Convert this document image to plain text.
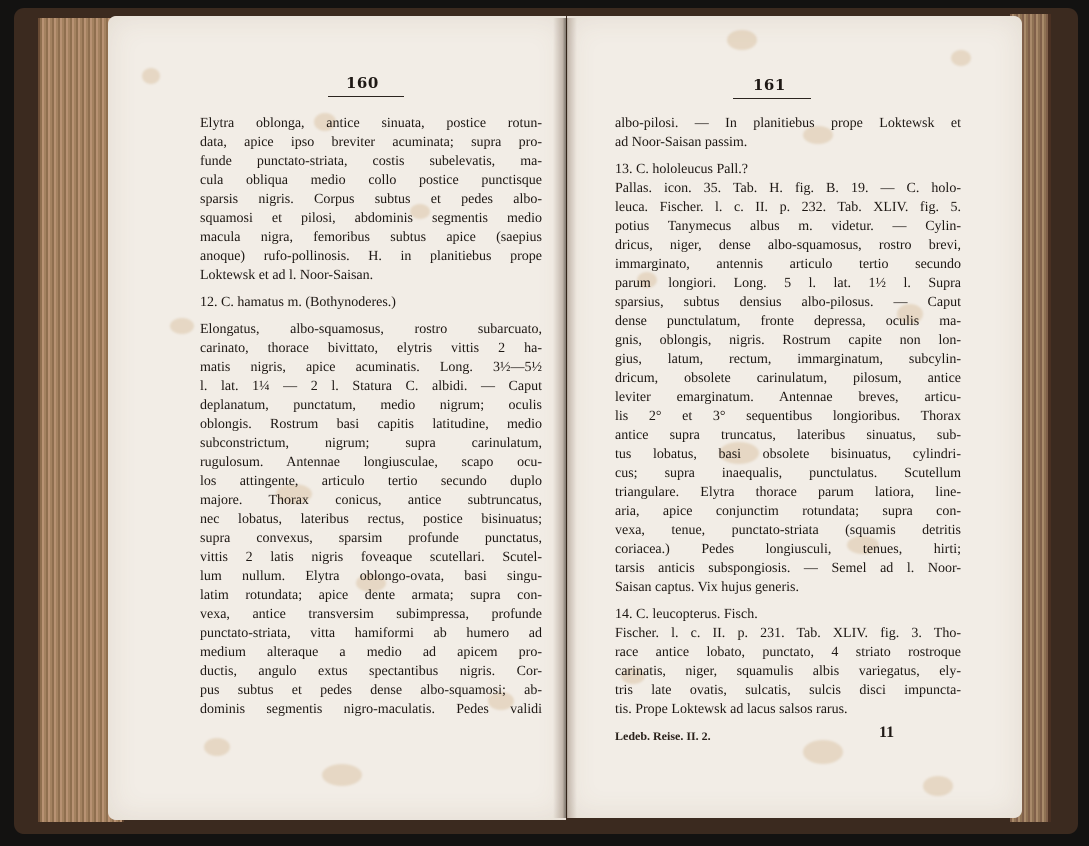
160
Elytra oblonga, antice sinuata, postice rotun-
data, apice ipso breviter acuminata; supra pro-
funde punctato-striata, costis subelevatis, ma-
cula obliqua medio collo postice punctisque
sparsis nigris. Corpus subtus et pedes albo-
squamosi et pilosi, abdominis segmentis medio
macula nigra, femoribus subtus apice (saepius
anoque) rufo-pollinosis. H. in planitiebus prope
Loktewsk et ad l. Noor-Saisan.
12. C. hamatus m. (Bothynoderes.)
Elongatus, albo-squamosus, rostro subarcuato,
carinato, thorace bivittato, elytris vittis 2 ha-
matis nigris, apice acuminatis. Long. 3½—5½
l. lat. 1¼ — 2 l. Statura C. albidi. — Caput
deplanatum, punctatum, medio nigrum; oculis
oblongis. Rostrum basi capitis latitudine, medio
subconstrictum, nigrum; supra carinulatum,
rugulosum. Antennae longiusculae, scapo ocu-
los attingente, articulo tertio secundo duplo
majore. Thorax conicus, antice subtruncatus,
nec lobatus, lateribus rectus, postice bisinuatus;
supra convexus, sparsim profunde punctatus,
vittis 2 latis nigris foveaque scutellari. Scutel-
lum nullum. Elytra oblongo-ovata, basi singu-
latim rotundata; apice dente armata; supra con-
vexa, antice transversim subimpressa, profunde
punctato-striata, vitta hamiformi ab humero ad
medium alteraque a medio ad apicem pro-
ductis, angulo extus spectantibus nigris. Cor-
pus subtus et pedes dense albo-squamosi; ab-
dominis segmentis nigro-maculatis. Pedes validi
161
albo-pilosi. — In planitiebus prope Loktewsk et
ad Noor-Saisan passim.
13. C. hololeucus Pall.?
Pallas. icon. 35. Tab. H. fig. B. 19. — C. holo-
leuca. Fischer. l. c. II. p. 232. Tab. XLIV. fig. 5.
potius Tanymecus albus m. videtur. — Cylin-
dricus, niger, dense albo-squamosus, rostro brevi,
immarginato, antennis articulo tertio secundo
parum longiori. Long. 5 l. lat. 1½ l. Supra
sparsius, subtus densius albo-pilosus. — Caput
dense punctulatum, fronte depressa, oculis ma-
gnis, oblongis, nigris. Rostrum capite non lon-
gius, latum, rectum, immarginatum, subcylin-
dricum, obsolete carinulatum, pilosum, antice
leviter emarginatum. Antennae breves, articu-
lis 2° et 3° sequentibus longioribus. Thorax
antice supra truncatus, lateribus sinuatus, sub-
tus lobatus, basi obsolete bisinuatus, cylindri-
cus; supra inaequalis, punctulatus. Scutellum
triangulare. Elytra thorace parum latiora, line-
aria, apice conjunctim rotundata; supra con-
vexa, tenue, punctato-striata (squamis detritis
coriacea.) Pedes longiusculi, tenues, hirti;
tarsis anticis subspongiosis. — Semel ad l. Noor-
Saisan captus. Vix hujus generis.
14. C. leucopterus. Fisch.
Fischer. l. c. II. p. 231. Tab. XLIV. fig. 3. Tho-
race antice lobato, punctato, 4 striato rostroque
carinatis, niger, squamulis albis variegatus, ely-
tris late ovatis, sulcatis, sulcis disci impuncta-
tis. Prope Loktewsk ad lacus salsos rarus.
Ledeb. Reise. II. 2.	11
